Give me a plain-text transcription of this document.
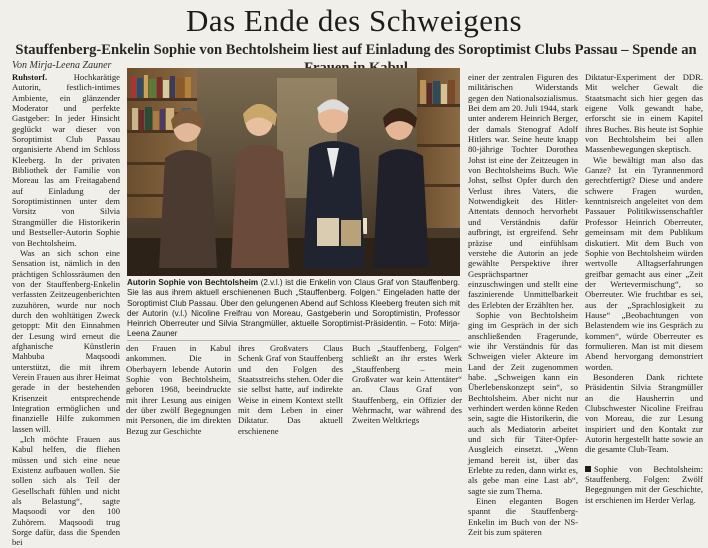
Das Ende des Schweigens
Stauffenberg-Enkelin Sophie von Bechtolsheim liest auf Einladung des Soroptimist Clubs Passau – Spende an
Von Mirja-Leena Zauner

Ruhstorf.	Hochkarätige Autorin, festlich-intimes Ambiente, ein glänzender Moderator und perfekte Gastgeber: In jeder Hinsicht geglückt war dieser von Soroptimist Club Passau organisierte Abend im Schloss Kleeberg. In der privaten Bibliothek der Familie von Moreau las am Freitagabend auf Einladung der Soroptimistinnen unter dem Vorsitz von Silvia Strangmüller die Historikerin und Bestseller-Autorin Sophie von Bechtolsheim.

Was an sich schon eine Sensation ist, nämlich in den prächtigen Schlossräumen den von der Stauffenberg-Enkelin verfassten Zeitzeugenberichten zuzuhören, wurde nur noch durch den wohltätigen Zweck getoppt: Mit den Einnahmen der Lesung wird erneut die afghanische Künstlerin Mahbuba Maqsoodi unterstützt, die mit ihrem Verein Frauen aus ihrer Heimat gerade in der bestehenden Krisenzeit entsprechende Integration ermöglichen und finanzielle Hilfe zukommen lassen will.

„Ich möchte Frauen aus Kabul helfen, die fliehen müssen und sich eine neue Existenz aufbauen wollen. Sie sollen sich als Teil der Gesellschaft fühlen und nicht als Belastung“, sagte Maqsoodi vor den 100 Zuhörern. Maqsoodi trug Sorge dafür, dass die Spenden bei

Autorin Sophie von Bechtolsheim (2.v.l.) ist die Enkelin von Claus Graf von Stauffenberg. Sie las aus ihrem aktuell erschienenen Buch „Stauffenberg. Folgen.“ Eingeladen hatte der Soroptimist Club Passau. Über den gelungenen Abend auf Schloss Kleeberg freuten sich mit der Autorin (v.l.) Nicoline Freifrau von Moreau, Gastgeberin und Soroptimistin, Professor Heinrich Oberreuter und Silvia Strangmüller, aktuelle Soroptimist-Präsidentin. – Foto: Mirja-Leena Zauner

den Frauen in Kabul ankommen. Die in Oberbayern lebende Autorin Sophie von Bechtolsheim, geboren 1968, beeindruckte mit ihrer Lesung aus einigen der über zwölf Begegnungen mit Personen, die im direkten Bezug zur Geschichte

ihres Großvaters Claus Schenk Graf von Stauffenberg und den Folgen des Staatsstreichs stehen. Oder die sie selbst hatte, auf indirekte Weise in einem Kontext stellt mit dem Leben in einer Diktatur. Das aktuell erschienene

Buch „Stauffenberg, Folgen“ schließt an ihr erstes Werk „Stauffenberg – mein Großvater war kein Attentäter“ an. Claus Graf von Stauffenberg, ein Offizier der Wehrmacht, war während des Zweiten Weltkriegs

einer der zentralen Figuren des militärischen Widerstands gegen den Nationalsozialismus. Bei dem am 20. Juli 1944, stark unter anderem Heinrich Berger, der damals Stenograf Adolf Hitlers war. Seine heute knapp 80-jährige Tochter Dorothea Johst ist eine der Zeitzeugen in von Bechtolsheims Buch. Wie Johst, selbst Opfer durch den Verlust ihres Vaters, die Notwendigkeit des Hitler-Attentats dennoch hervorhebt und Verständnis dafür aufbringt, ist ergreifend. Sehr präzise und einfühlsam verstehe die Autorin an jede gewählte Perspektive ihrer Gesprächspartner einzuschwingen und stellt eine faszinierende Unmittelbarkeit des Erlebten der Erzählten her.

Sophie von Bechtolsheim ging im Gespräch in der sich anschließenden Fragerunde, wie ihr Verständnis für das Schweigen vieler Akteure im Land der Zeit zugenommen habe. „Schweigen kann ein Überlebenskonzept sein“, so Bechtolsheim. Aber nicht nur verhindert werden könne Reden sein, sagte die Historikerin, die auch als Mediatorin arbeitet und sich für Täter-Opfer-Ausgleich einsetzt. „Wenn jemand bereit ist, über das Erlebte zu reden, dann wirkt es, als gebe man eine Last ab“, sagte sie zum Thema.

Einen eleganten Bogen spannt die Stauffenberg-Enkelin im Buch von der NS-Zeit bis zum späteren

Diktatur-Experiment der DDR. Mit welcher Gewalt die Staatsmacht sich hier gegen das eigene Volk gewandt habe, erforscht sie in einem Kapitel ihres Buches. Bis heute ist Sophie von Bechtolsheim bei allen Massenbewegungen skeptisch.

Wie bewältigt man also das Ganze? Ist ein Tyrannenmord gerechtfertigt? Diese und andere schwere Fragen wurden, kenntnisreich angeleitet von dem Passauer Politikwissenschaftler Professor Heinrich Oberreuter, gemeinsam mit dem Publikum diskutiert. Mit dem Buch von Sophie von Bechtolsheim würden wertvolle Alltagserfahrungen greifbar gemacht aus einer „Zeit der Wertevermischung“, so Oberreuter. Wie fruchtbar es sei, aus der „Sprachlosigkeit zu Hause“ „Beobachtungen von Belastendem wie ins Gespräch zu kommen“, würde Oberreuter es formulieren. Man ist mit diesem Abend hervorgang demonstriert worden.

Besonderen Dank richtete Präsidentin Silvia Strangmüller an die Hausherrin und Clubschwester Nicoline Freifrau von Moreau, die zur Lesung inspiriert und den Kontakt zur Autorin hergestellt hatte sowie an die gesamte Club-Team.

Sophie von Bechtolsheim: Stauffenberg. Folgen: Zwölf Begegnungen mit der Geschichte, ist erschienen im Herder Verlag.
